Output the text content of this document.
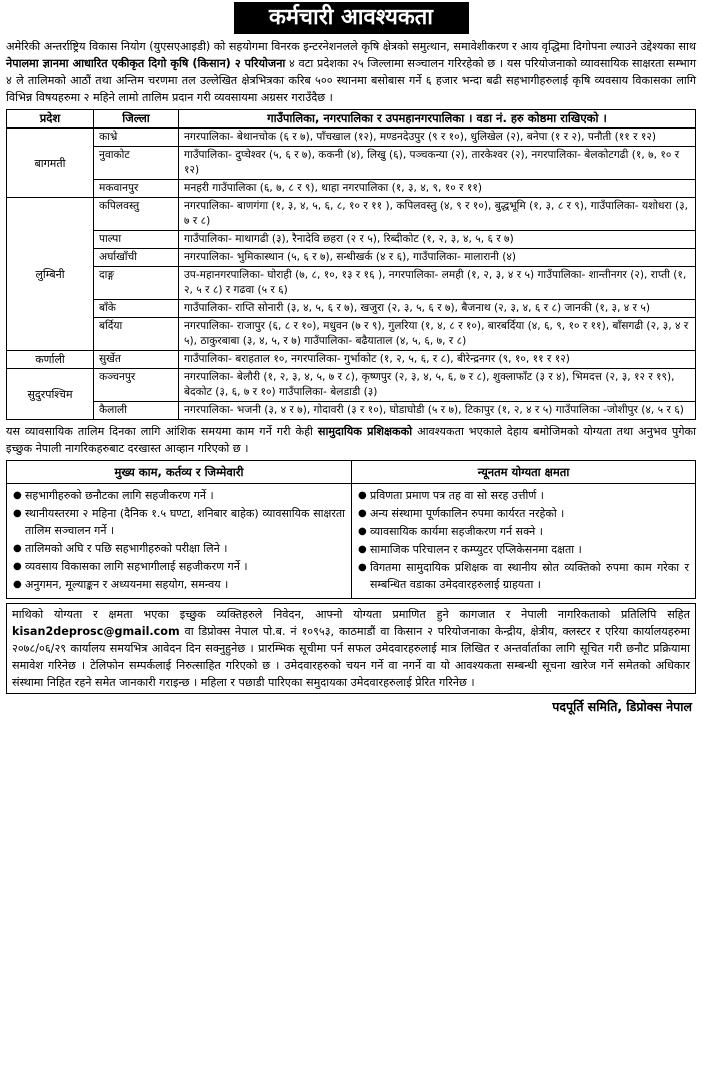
कर्मचारी आवश्यकता

अमेरिकी अन्तर्राष्ट्रिय विकास नियोग (युएसएआइडी) को सहयोगमा विनरक इन्टरनेशनलले कृषि क्षेत्रको समुत्थान, समावेशीकरण र आय वृद्धिमा दिगोपना ल्याउने उद्देश्यका साथ नेपालमा ज्ञानमा आधारित एकीकृत दिगो कृषि (किसान) २ परियोजना ४ वटा प्रदेशका २५ जिल्लामा सञ्चालन गरिरहेको छ । यस परियोजनाको व्यावसायिक साक्षरता सम्भाग ४ ले तालिमको आठौं तथा अन्तिम चरणमा तल उल्लेखित क्षेत्रभित्रका करिब ५०० स्थानमा बसोबास गर्ने ६ हजार भन्दा बढी सहभागीहरुलाई कृषि व्यवसाय विकासका लागि विभिन्न विषयहरुमा २ महिने लामो तालिम प्रदान गरी व्यवसायमा अग्रसर गराउँदैछ ।

प्रदेश	जिल्ला	गाउँपालिका, नगरपालिका र उपमहानगरपालिका । वडा नं. हरु कोष्ठमा राखिएको ।
बागमती	काभ्रे	नगरपालिका- बेथानचोक (६ र ७), पाँचखाल (१२), मण्डनदेउपुर (९ र १०), धुलिखेल (२), बनेपा (१ र २), पनौती (११ र १२)
	नुवाकोट	गाउँपालिका- दुप्चेश्वर (५, ६ र ७), ककनी (४), लिखु (६), पञ्चकन्या (२), तारकेश्वर (२), नगरपालिका- बेलकोटगढी (१, ७, १० र १२)
	मकवानपुर	मनहरी गाउँपालिका (६, ७, ८ र ९), थाहा नगरपालिका (१, ३, ४, ९, १० र ११)
लुम्बिनी	कपिलवस्तु	नगरपालिका- बाणगंगा (१, ३, ४, ५, ६, ८, १० र ११ ), कपिलवस्तु (४, ९ र १०), बुद्धभूमि (१, ३, ८ र ९), गाउँपालिका- यशोधरा (३, ७ र ८)
	पाल्पा	गाउँपालिका- माथागढी (३), रैनादेवि छहरा (२ र ५), रिब्दीकोट (१, २, ३, ४, ५, ६ र ७)
	अर्घाखाँची	नगरपालिका- भुमिकास्थान (५, ६ र ७), सन्धीखर्क (४ र ६), गाउँपालिका- मालारानी (४)
	दाङ्ग	उप-महानगरपालिका- घोराही (७, ८, १०, १३ र १६ ), नगरपालिका- लमही (१, २, ३, ४ र ५) गाउँपालिका- शान्तीनगर (२), राप्ती (१, २, ५ र ८) र गढवा (५ र ६)
	बाँके	गाउँपालिका- राप्ति सोनारी (३, ४, ५, ६ र ७), खजुरा (२, ३, ५, ६ र ७), बैजनाथ (२, ३, ४, ६ र ८) जानकी (१, ३, ४ र ५)
	बर्दिया	नगरपालिका- राजापुर (६, ८ र १०), मधुवन (७ र ९), गुलरिया (१, ४, ८ र १०), बारबर्दिया (४, ६, ९, १० र ११), बाँसगढी (२, ३, ४ र ५), ठाकुरबाबा (३, ४, ५, र ७) गाउँपालिका- बढैयाताल (४, ५, ६, ७, र ८)
कर्णाली	सुर्खेत	गाउँपालिका- बराहताल १०, नगरपालिका- गुर्भाकोट (१, २, ५, ६, र ८), बीरेन्द्रनगर (९, १०, ११ र १२)
सुदुरपश्चिम	कञ्चनपुर	नगरपालिका- बेलौरी (१, २, ३, ४, ५, ७ र ८), कृष्णपुर (२, ३, ४, ५, ६, ७ र ८), शुक्लाफाँट (३ र ४), भिमदत्त (२, ३, १२ र १९), बेदकोट (३, ६, ७ र १०) गाउँपालिका- बेलडाडी (३)
	कैलाली	नगरपालिका- भजनी (३, ४ र ७), गोदावरी (३ र १०), घोडाघोडी (५ र ७), टिकापुर (१, २, ४ र ५) गाउँपालिका -जोशीपुर (४, ५ र ६)

यस व्यावसायिक तालिम दिनका लागि आंशिक समयमा काम गर्ने गरी केही सामुदायिक प्रशिक्षकको आवश्यकता भएकाले देहाय बमोजिमको योग्यता तथा अनुभव पुगेका इच्छुक नेपाली नागरिकहरुबाट दरखास्त आव्हान गरिएको छ ।

मुख्य काम, कर्तव्य र जिम्मेवारी
● सहभागीहरुको छनौटका लागि सहजीकरण गर्ने ।
● स्थानीयस्तरमा २ महिना (दैनिक १.५ घण्टा, शनिबार बाहेक) व्यावसायिक साक्षरता तालिम सञ्चालन गर्ने ।
● तालिमको अघि र पछि सहभागीहरुको परीक्षा लिने ।
● व्यवसाय विकासका लागि सहभागीलाई सहजीकरण गर्ने ।
● अनुगमन, मूल्याङ्कन र अध्ययनमा सहयोग, समन्वय ।
न्यूनतम योग्यता क्षमता
● प्रविणता प्रमाण पत्र तह वा सो सरह उत्तीर्ण ।
● अन्य संस्थामा पूर्णकालिन रुपमा कार्यरत नरहेको ।
● व्यावसायिक कार्यमा सहजीकरण गर्न सक्ने ।
● सामाजिक परिचालन र कम्प्युटर एप्लिकेसनमा दक्षता ।
● विगतमा सामुदायिक प्रशिक्षक वा स्थानीय स्रोत व्यक्तिको रुपमा काम गरेका र सम्बन्धित वडाका उमेदवारहरुलाई ग्राहयता ।
माथिको योग्यता र क्षमता भएका इच्छुक व्यक्तिहरुले निवेदन, आफ्नो योग्यता प्रमाणित हुने कागजात र नेपाली नागरिकताको प्रतिलिपि सहित kisan2deprosc@gmail.com वा डिप्रोक्स नेपाल पो.ब. नं १०९५३, काठमाडौं वा किसान २ परियोजनाका केन्द्रीय, क्षेत्रीय, क्लस्टर र एरिया कार्यालयहरुमा २०७८/०६/२९ कार्यालय समयभित्र आवेदन दिन सक्नुहुनेछ । प्रारम्भिक सूचीमा पर्न सफल उमेदवारहरुलाई मात्र लिखित र अन्तर्वार्ताका लागि सूचित गरी छनौट प्रक्रियामा समावेश गरिनेछ । टेलिफोन सम्पर्कलाई निरुत्साहित गरिएको छ । उमेदवारहरुको चयन गर्ने वा नगर्ने वा यो आवश्यकता सम्बन्धी सूचना खारेज गर्ने समेतको अधिकार संस्थामा निहित रहने समेत जानकारी गराइन्छ । महिला र पछाडी पारिएका समुदायका उमेदवारहरुलाई प्रेरित गरिनेछ ।
पदपूर्ति समिति, डिप्रोक्स नेपाल
